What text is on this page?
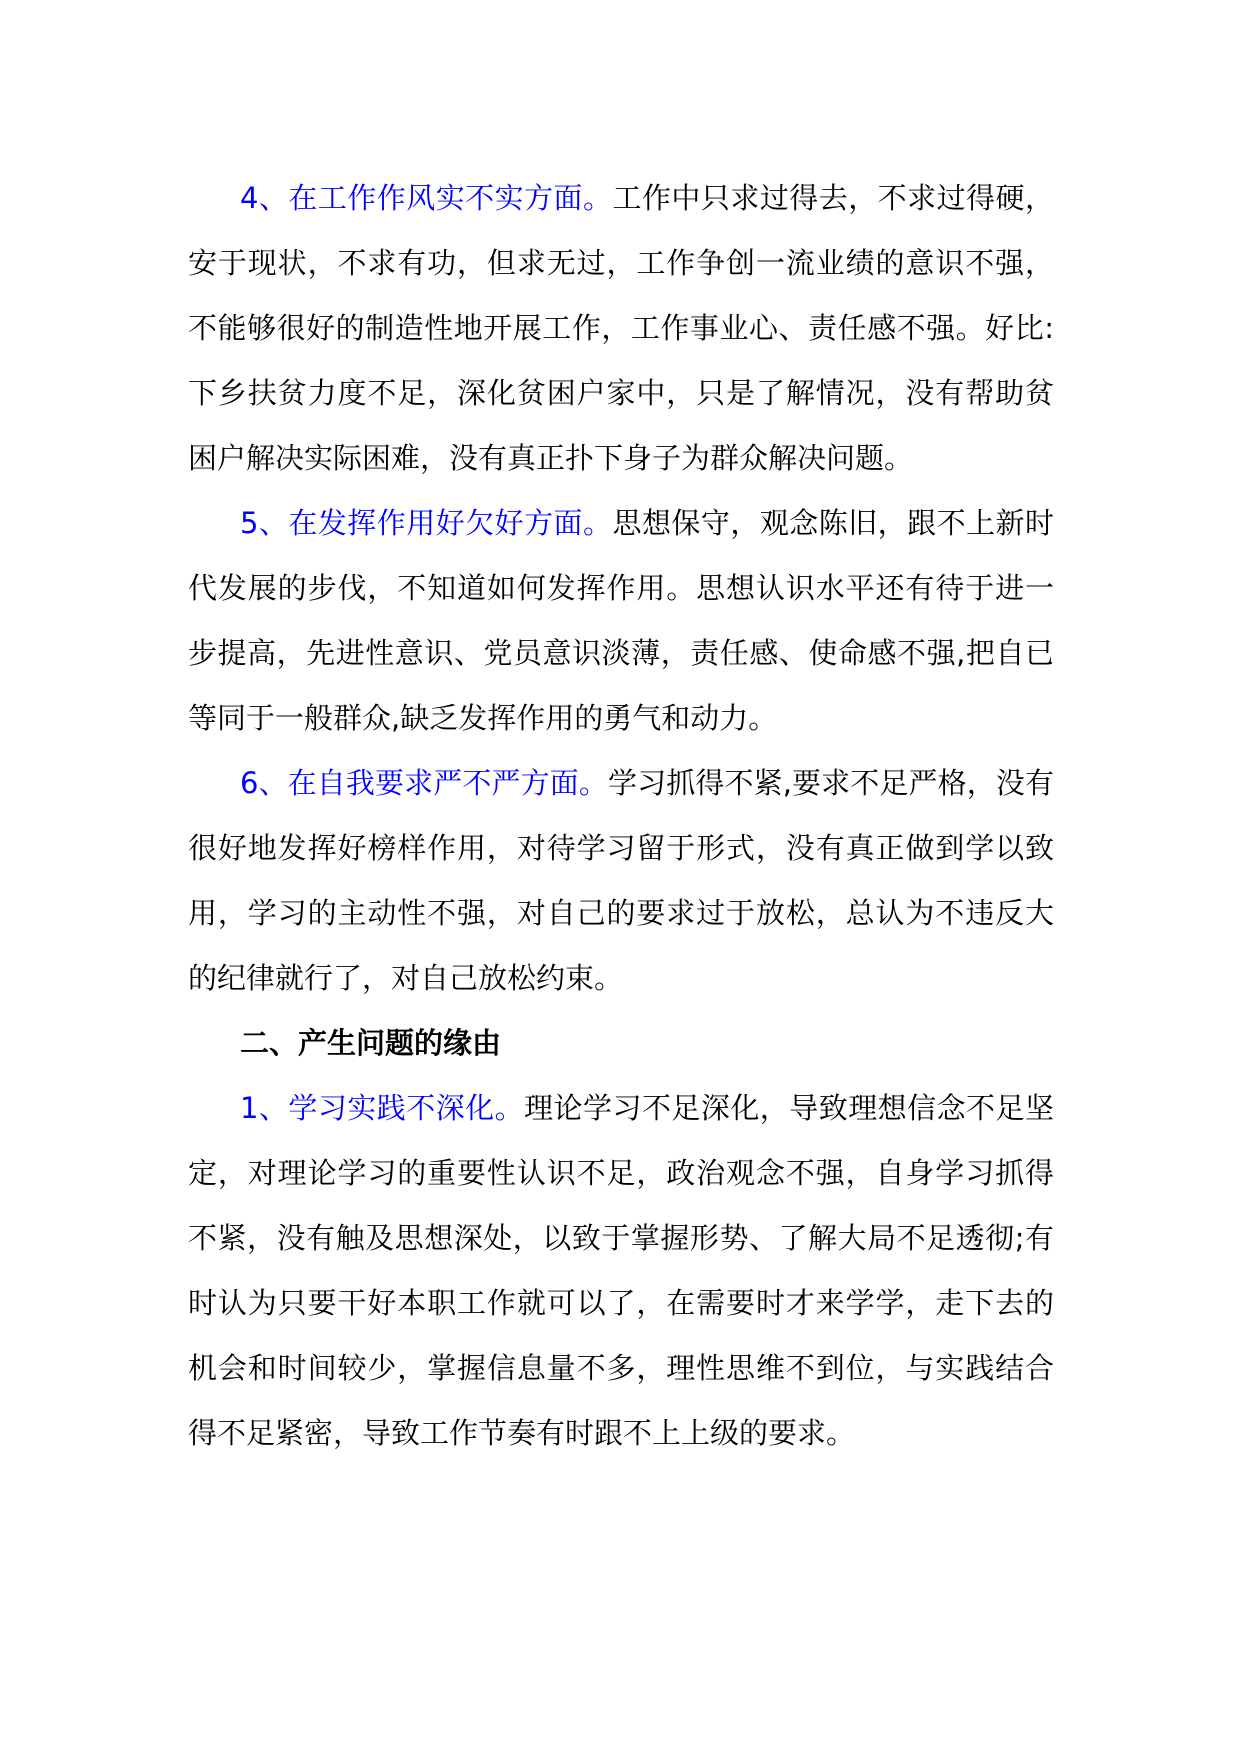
4、在工作作风实不实方面。工作中只求过得去，不求过得硬，安于现状，不求有功，但求无过，工作争创一流业绩的意识不强，不能够很好的制造性地开展工作，工作事业心、责任感不强。好比:下乡扶贫力度不足，深化贫困户家中，只是了解情况，没有帮助贫困户解决实际困难，没有真正扑下身子为群众解决问题。

5、在发挥作用好欠好方面。思想保守，观念陈旧，跟不上新时代发展的步伐，不知道如何发挥作用。思想认识水平还有待于进一步提高，先进性意识、党员意识淡薄，责任感、使命感不强,把自已等同于一般群众,缺乏发挥作用的勇气和动力。

6、在自我要求严不严方面。学习抓得不紧,要求不足严格，没有很好地发挥好榜样作用，对待学习留于形式，没有真正做到学以致用，学习的主动性不强，对自己的要求过于放松，总认为不违反大的纪律就行了，对自己放松约束。

二、产生问题的缘由

1、学习实践不深化。理论学习不足深化，导致理想信念不足坚定，对理论学习的重要性认识不足，政治观念不强，自身学习抓得不紧，没有触及思想深处，以致于掌握形势、了解大局不足透彻;有时认为只要干好本职工作就可以了，在需要时才来学学，走下去的机会和时间较少，掌握信息量不多，理性思维不到位，与实践结合得不足紧密，导致工作节奏有时跟不上上级的要求。
